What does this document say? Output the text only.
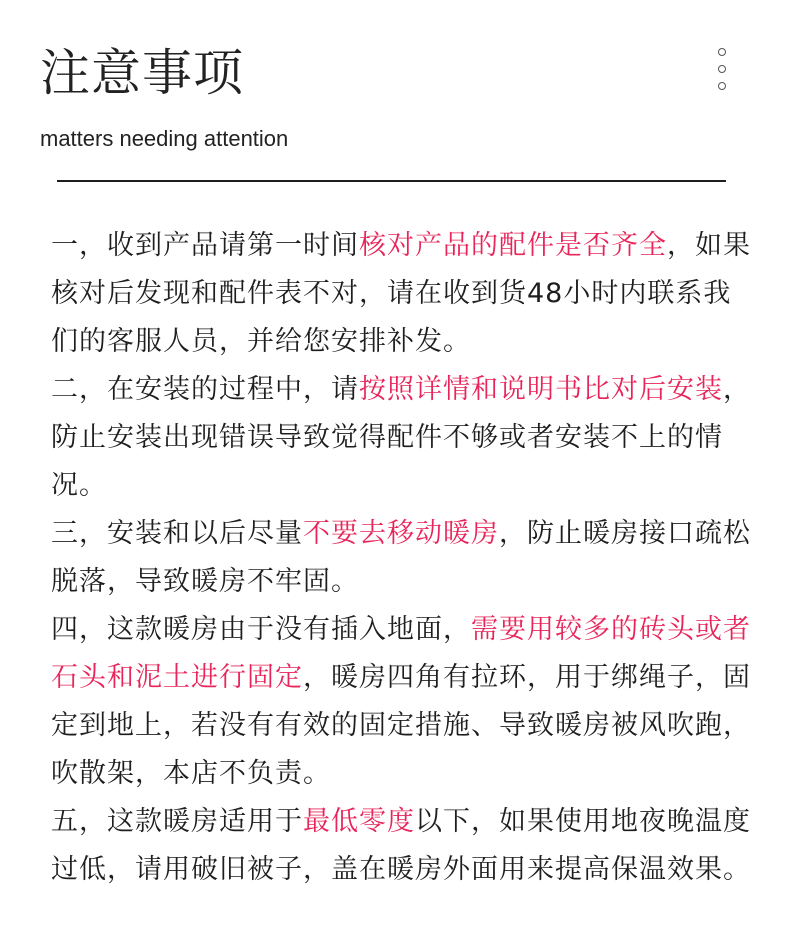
注意事项
matters needing attention

一，收到产品请第一时间核对产品的配件是否齐全，如果核对后发现和配件表不对，请在收到货48小时内联系我们的客服人员，并给您安排补发。

二，在安装的过程中，请按照详情和说明书比对后安装，防止安装出现错误导致觉得配件不够或者安装不上的情况。

三，安装和以后尽量不要去移动暖房，防止暖房接口疏松脱落，导致暖房不牢固。

四，这款暖房由于没有插入地面，需要用较多的砖头或者石头和泥土进行固定，暖房四角有拉环，用于绑绳子，固定到地上，若没有有效的固定措施、导致暖房被风吹跑，吹散架，本店不负责。

五，这款暖房适用于最低零度以下，如果使用地夜晚温度过低，请用破旧被子，盖在暖房外面用来提高保温效果。
